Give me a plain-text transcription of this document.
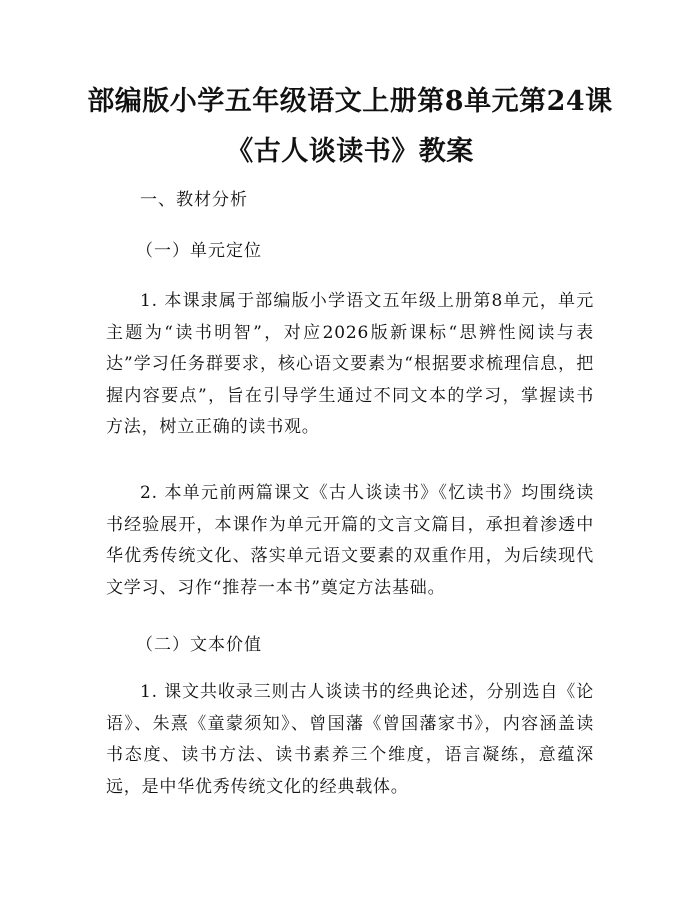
部编版小学五年级语文上册第8单元第24课
《古人谈读书》教案
一、教材分析
（一）单元定位

1. 本课隶属于部编版小学语文五年级上册第8单元，单元主题为“读书明智”，对应2026版新课标“思辨性阅读与表达”学习任务群要求，核心语文要素为“根据要求梳理信息，把握内容要点”，旨在引导学生通过不同文本的学习，掌握读书方法，树立正确的读书观。

2. 本单元前两篇课文《古人谈读书》《忆读书》均围绕读书经验展开，本课作为单元开篇的文言文篇目，承担着渗透中华优秀传统文化、落实单元语文要素的双重作用，为后续现代文学习、习作“推荐一本书”奠定方法基础。

（二）文本价值

1. 课文共收录三则古人谈读书的经典论述，分别选自《论语》、朱熹《童蒙须知》、曾国藩《曾国藩家书》，内容涵盖读书态度、读书方法、读书素养三个维度，语言凝练，意蕴深远，是中华优秀传统文化的经典载体。
